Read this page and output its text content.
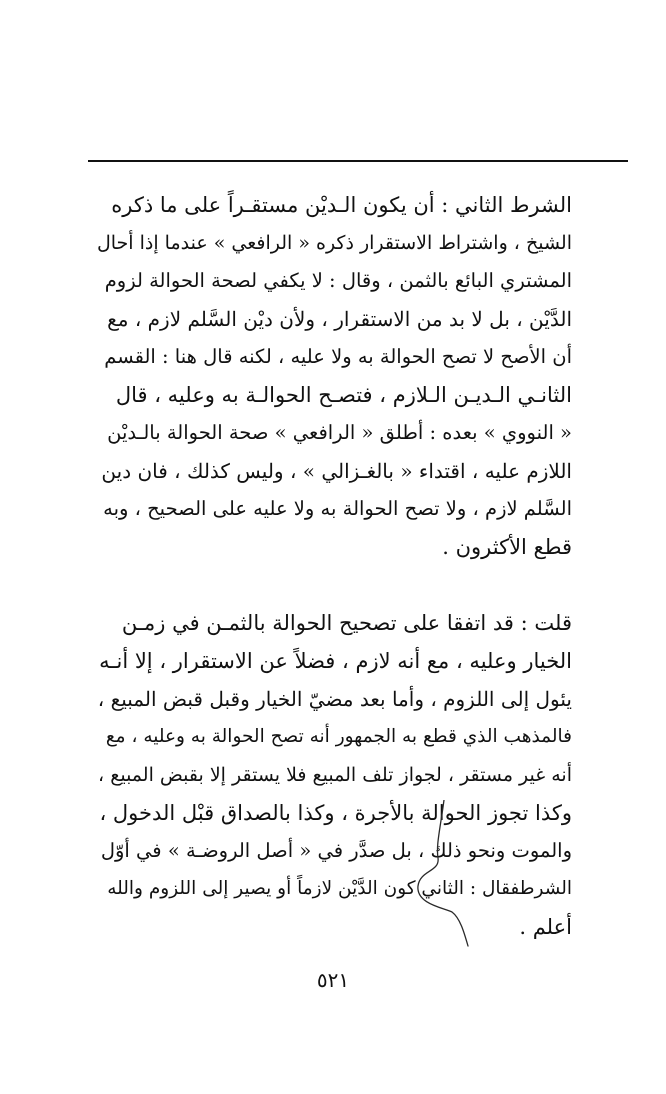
الشرط الثاني : أن يكون الـديْن مستقـراً على ما ذكره
الشيخ ، واشتراط الاستقرار ذكره « الرافعي » عندما إذا أحال
المشتري البائع بالثمن ، وقال : لا يكفي لصحة الحوالة لزوم
الدَّيْن ، بل لا بد من الاستقرار ، ولأن ديْن السَّلم لازم ، مع
أن الأصح لا تصح الحوالة به ولا عليه ، لكنه قال هنا : القسم
الثانـي الـديـن الـلازم ، فتصـح الحوالـة به وعليه ، قال
« النووي » بعده : أطلق « الرافعي » صحة الحوالة بالـديْن
اللازم عليه ، اقتداء « بالغـزالي » ، وليس كذلك ، فان دين
السَّلم لازم ، ولا تصح الحوالة به ولا عليه على الصحيح ، وبه
قطع الأكثرون .
قلت : قد اتفقا على تصحيح الحوالة بالثمـن في زمـن
الخيار وعليه ، مع أنه لازم ، فضلاً عن الاستقرار ، إلا أنـه
يئول إلى اللزوم ، وأما بعد مضيّ الخيار وقبل قبض المبيع ،
فالمذهب الذي قطع به الجمهور أنه تصح الحوالة به وعليه ، مع
أنه غير مستقر ، لجواز تلف المبيع فلا يستقر إلا بقبض المبيع ،
وكذا تجوز الحوالة بالأجرة ، وكذا بالصداق قبْل الدخول ،
والموت ونحو ذلك ، بل صدَّر في « أصل الروضـة » في أوّل
الشرطفقال : الثاني كون الدَّيْن لازماً أو يصير إلى اللزوم والله
أعلم .
٥٢١
